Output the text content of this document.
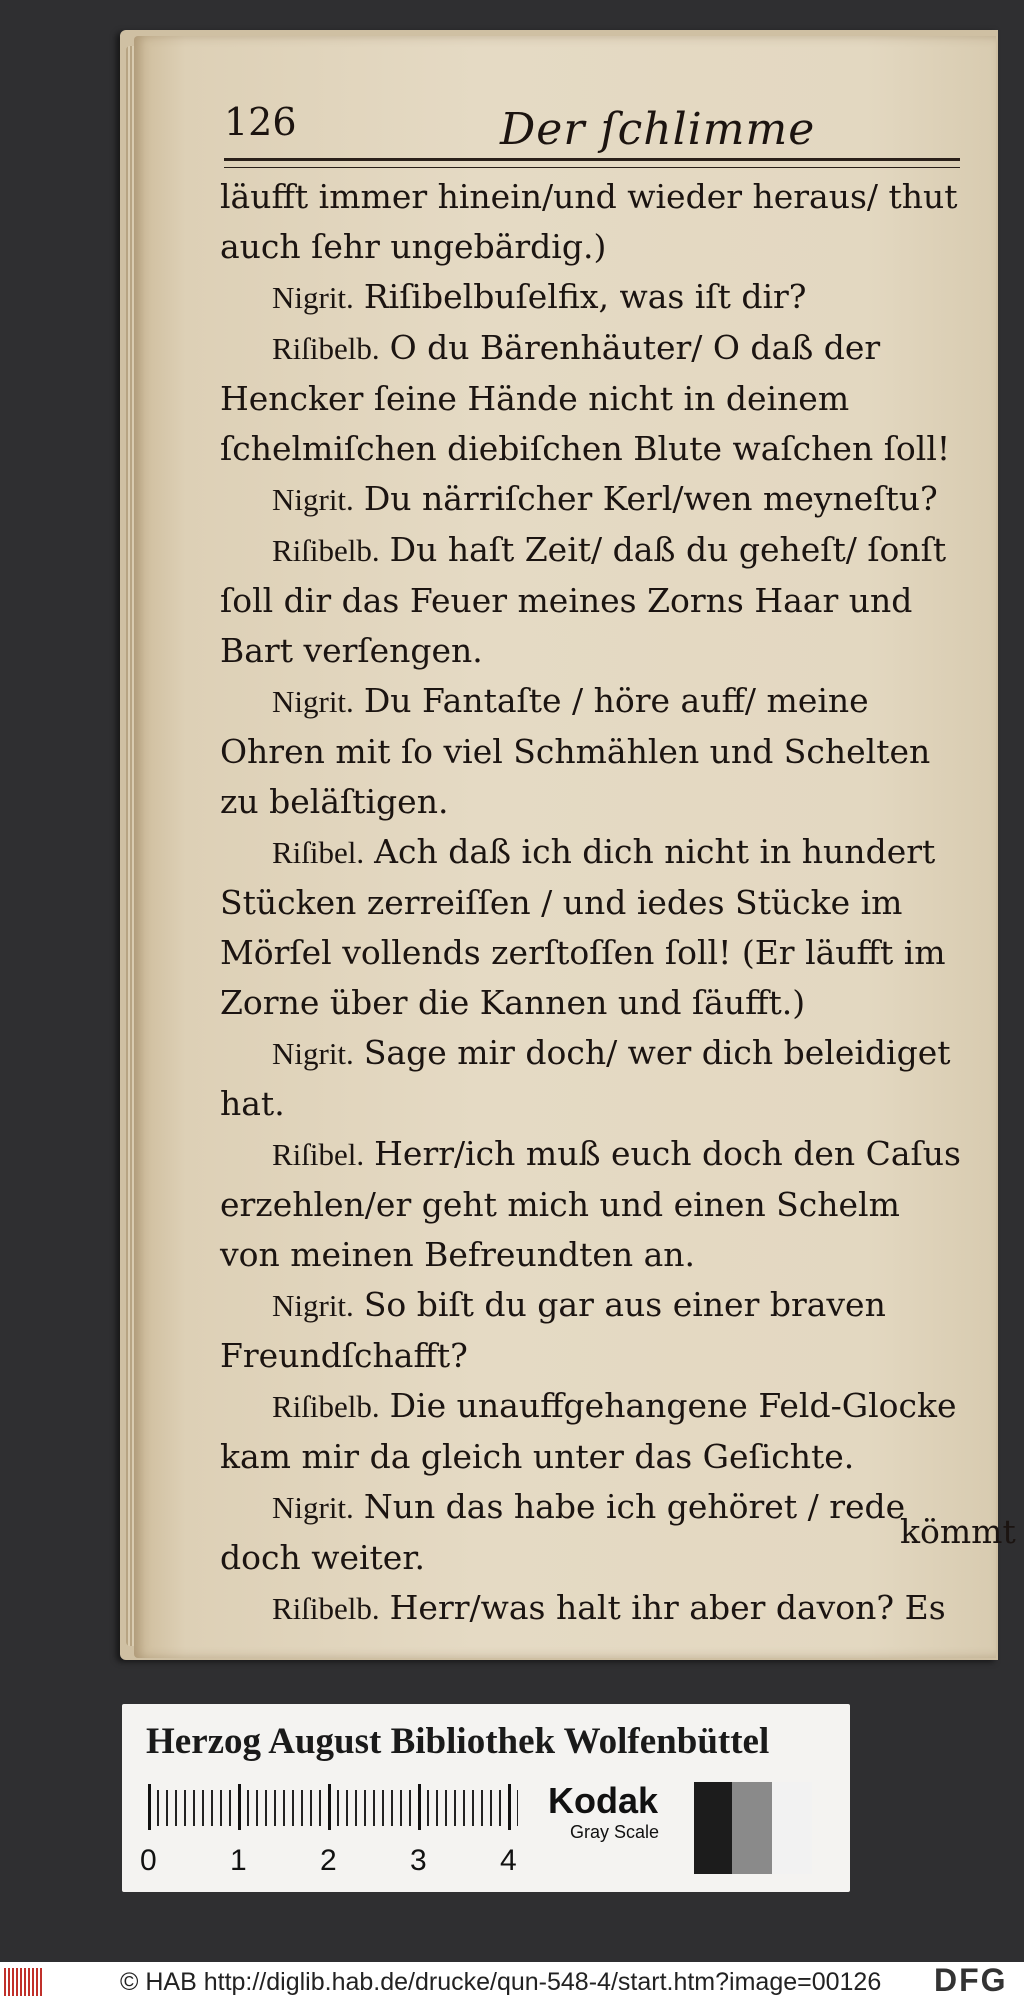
126	Der ſchlimme

läufft immer hinein/und wieder heraus/ thut auch ſehr ungebärdig.)

Nigrit. Riſibelbuſelfix, was iſt dir?

Riſibelb. O du Bärenhäuter/ O daß der Hencker ſeine Hände nicht in deinem ſchelmiſchen diebiſchen Blute waſchen ſoll!

Nigrit. Du närriſcher Kerl/wen meyneſtu?

Riſibelb. Du haſt Zeit/ daß du geheſt/ ſonſt ſoll dir das Feuer meines Zorns Haar und Bart verſengen.

Nigrit. Du Fantaſte / höre auff/ meine Ohren mit ſo viel Schmählen und Schelten zu beläſtigen.

Riſibel. Ach daß ich dich nicht in hundert Stücken zerreiſſen / und iedes Stücke im Mörſel vollends zerſtoſſen ſoll! (Er läufft im Zorne über die Kannen und ſäufft.)

Nigrit. Sage mir doch/ wer dich beleidiget hat.

Riſibel. Herr/ich muß euch doch den Caſus erzehlen/er geht mich und einen Schelm von meinen Befreundten an.

Nigrit. So biſt du gar aus einer braven Freundſchafft?

Riſibelb. Die unauffgehangene Feld-Glocke kam mir da gleich unter das Geſichte.

Nigrit. Nun das habe ich gehöret / rede doch weiter.

Riſibelb. Herr/was halt ihr aber davon? Es

kömmt
Herzog August Bibliothek Wolfenbüttel
0 1 2 3 4
Kodak
Gray Scale
© HAB http://diglib.hab.de/drucke/qun-548-4/start.htm?image=00126 DFG
